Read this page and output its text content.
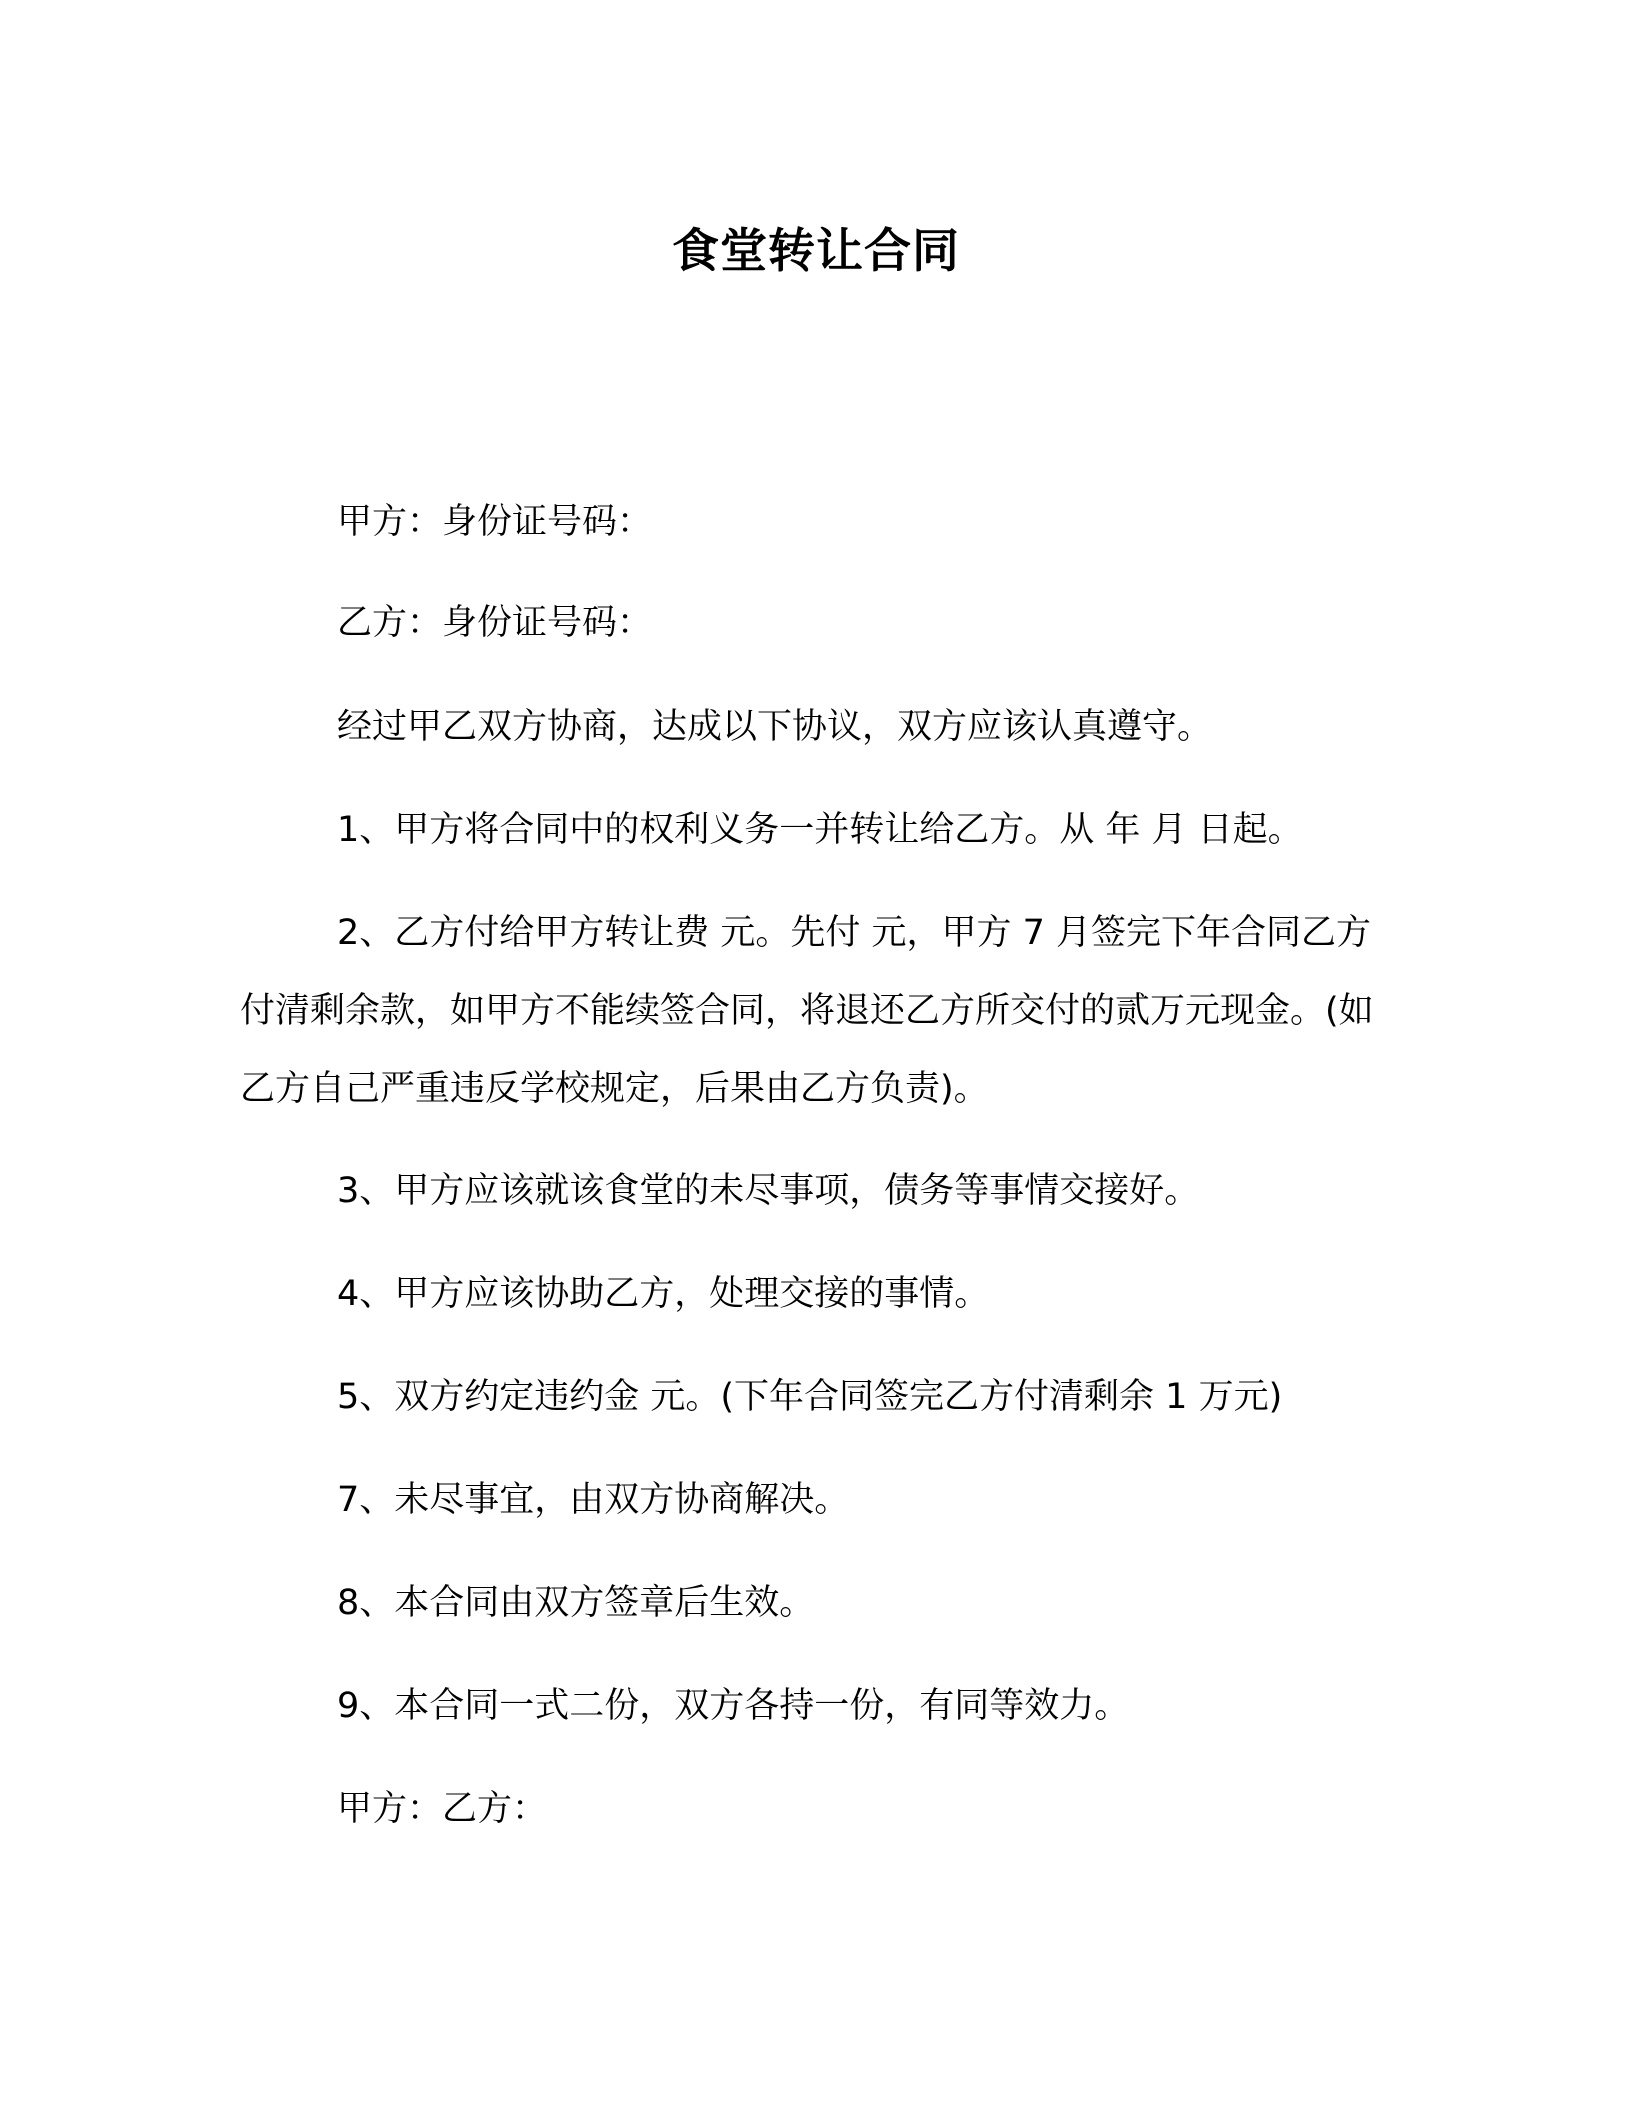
食堂转让合同

甲方：身份证号码：

乙方：身份证号码：

经过甲乙双方协商，达成以下协议，双方应该认真遵守。

1、甲方将合同中的权利义务一并转让给乙方。从 年 月 日起。

2、乙方付给甲方转让费 元。先付 元，甲方 7 月签完下年合同乙方付清剩余款，如甲方不能续签合同，将退还乙方所交付的贰万元现金。(如乙方自己严重违反学校规定，后果由乙方负责)。

3、甲方应该就该食堂的未尽事项，债务等事情交接好。

4、甲方应该协助乙方，处理交接的事情。

5、双方约定违约金 元。(下年合同签完乙方付清剩余 1 万元)

7、未尽事宜，由双方协商解决。

8、本合同由双方签章后生效。

9、本合同一式二份，双方各持一份，有同等效力。

甲方：乙方：
